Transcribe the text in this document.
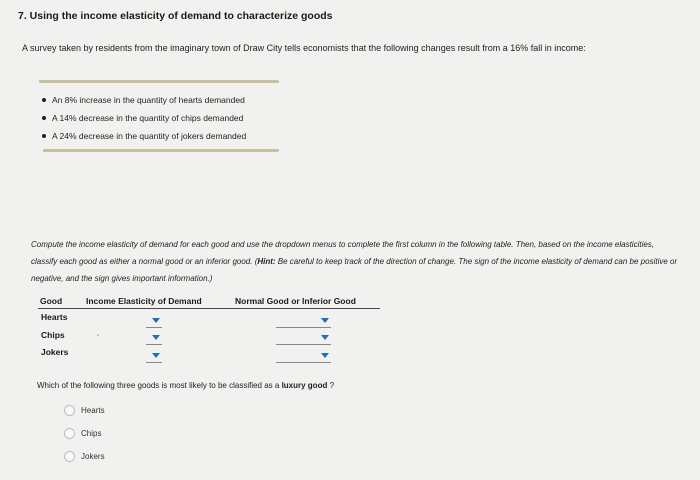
7. Using the income elasticity of demand to characterize goods
A survey taken by residents from the imaginary town of Draw City tells economists that the following changes result from a 16% fall in income:
An 8% increase in the quantity of hearts demanded
A 14% decrease in the quantity of chips demanded
A 24% decrease in the quantity of jokers demanded
Compute the income elasticity of demand for each good and use the dropdown menus to complete the first column in the following table. Then, based on the income elasticities, classify each good as either a normal good or an inferior good. (Hint: Be careful to keep track of the direction of change. The sign of the income elasticity of demand can be positive or negative, and the sign gives important information.)
Good	Income Elasticity of Demand	Normal Good or Inferior Good
Hearts
Chips
Jokers
Which of the following three goods is most likely to be classified as a luxury good ?
Hearts
Chips
Jokers
